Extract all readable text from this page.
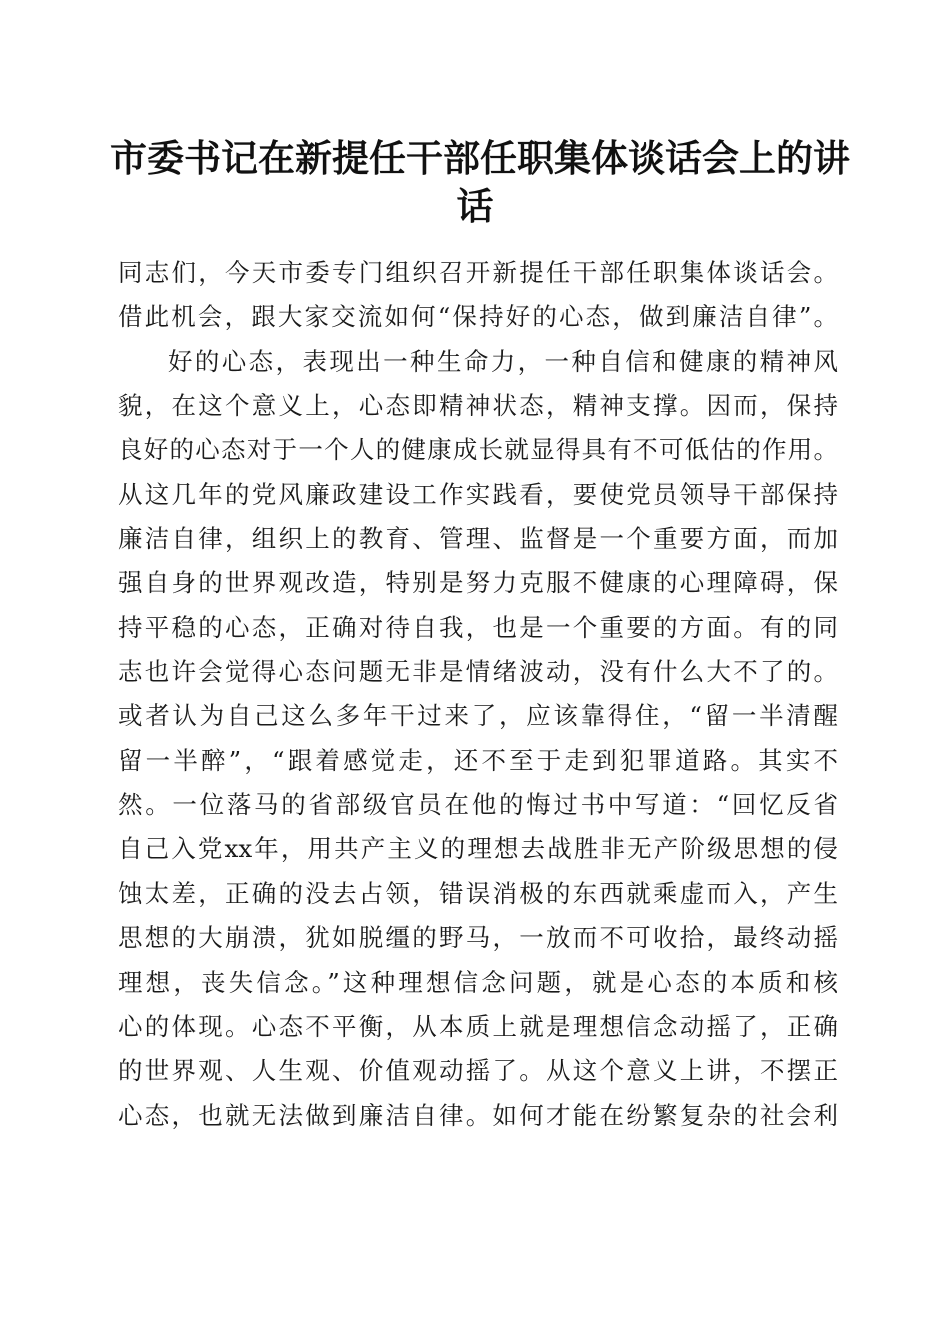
市委书记在新提任干部任职集体谈话会上的讲
话
同志们，今天市委专门组织召开新提任干部任职集体谈话会。
借此机会，跟大家交流如何“保持好的心态，做到廉洁自律”。
好的心态，表现出一种生命力，一种自信和健康的精神风
貌，在这个意义上，心态即精神状态，精神支撑。因而，保持
良好的心态对于一个人的健康成长就显得具有不可低估的作用。
从这几年的党风廉政建设工作实践看，要使党员领导干部保持
廉洁自律，组织上的教育、管理、监督是一个重要方面，而加
强自身的世界观改造，特别是努力克服不健康的心理障碍，保
持平稳的心态，正确对待自我，也是一个重要的方面。有的同
志也许会觉得心态问题无非是情绪波动，没有什么大不了的。
或者认为自己这么多年干过来了，应该靠得住，“留一半清醒
留一半醉”，“跟着感觉走，还不至于走到犯罪道路。其实不
然。一位落马的省部级官员在他的悔过书中写道：“回忆反省
自己入党xx年，用共产主义的理想去战胜非无产阶级思想的侵
蚀太差，正确的没去占领，错误消极的东西就乘虚而入，产生
思想的大崩溃，犹如脱缰的野马，一放而不可收拾，最终动摇
理想，丧失信念。”这种理想信念问题，就是心态的本质和核
心的体现。心态不平衡，从本质上就是理想信念动摇了，正确
的世界观、人生观、价值观动摇了。从这个意义上讲，不摆正
心态，也就无法做到廉洁自律。如何才能在纷繁复杂的社会利
